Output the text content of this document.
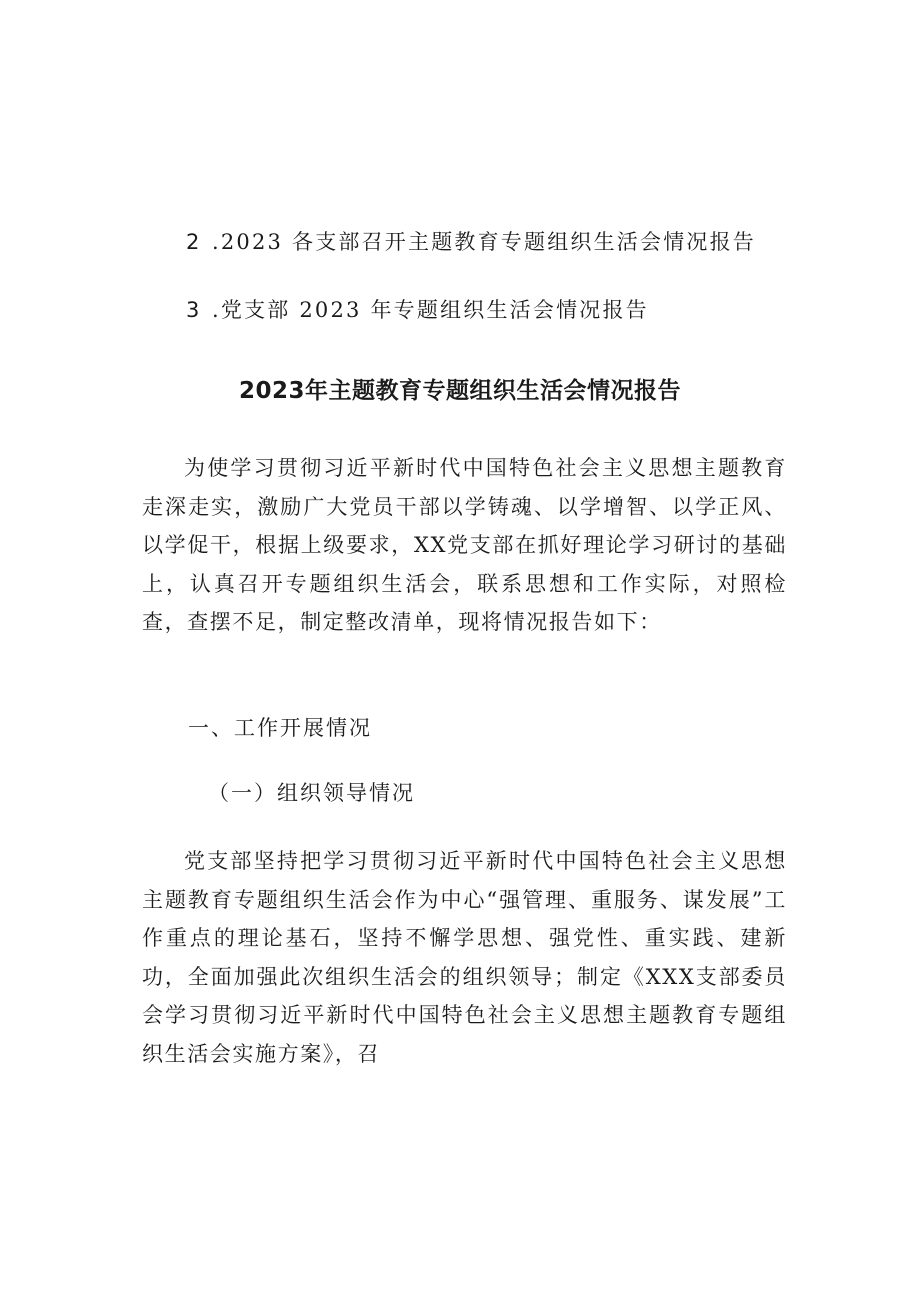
2 .2023 各支部召开主题教育专题组织生活会情况报告
3 .党支部 2023 年专题组织生活会情况报告
2023年主题教育专题组织生活会情况报告

为使学习贯彻习近平新时代中国特色社会主义思想主题教育走深走实，激励广大党员干部以学铸魂、以学增智、以学正风、以学促干，根据上级要求，XX党支部在抓好理论学习研讨的基础上，认真召开专题组织生活会，联系思想和工作实际，对照检查，查摆不足，制定整改清单，现将情况报告如下：

一、工作开展情况
（一）组织领导情况

党支部坚持把学习贯彻习近平新时代中国特色社会主义思想主题教育专题组织生活会作为中心“强管理、重服务、谋发展”工作重点的理论基石，坚持不懈学思想、强党性、重实践、建新功，全面加强此次组织生活会的组织领导；制定《XXX支部委员会学习贯彻习近平新时代中国特色社会主义思想主题教育专题组织生活会实施方案》，召
